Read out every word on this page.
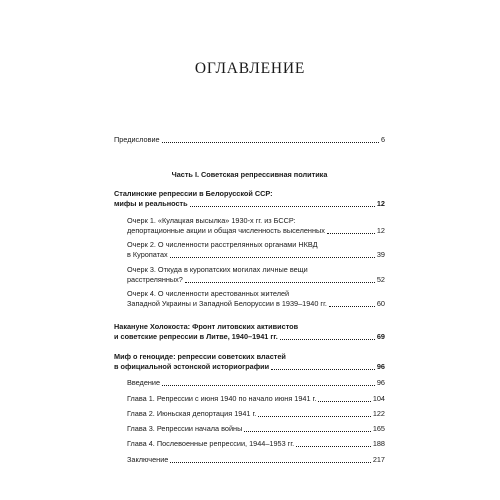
ОГЛАВЛЕНИЕ
Предисловие	6
Часть I. Советская репрессивная политика
Сталинские репрессии в Белорусской ССР:
мифы и реальность	12
Очерк 1. «Кулацкая высылка» 1930-х гг. из БССР:
депортационные акции и общая численность выселенных	12
Очерк 2. О численности расстрелянных органами НКВД
в Куропатах	39
Очерк 3. Откуда в куропатских могилах личные вещи
расстрелянных?	52
Очерк 4. О численности арестованных жителей
Западной Украины и Западной Белоруссии в 1939–1940 гг.	60
Накануне Холокоста: Фронт литовских активистов
и советские репрессии в Литве, 1940–1941 гг.	69
Миф о геноциде: репрессии советских властей
в официальной эстонской историографии	96
Введение	96
Глава 1. Репрессии с июня 1940 по начало июня 1941 г.	104
Глава 2. Июньская депортация 1941 г.	122
Глава 3. Репрессии начала войны	165
Глава 4. Послевоенные репрессии, 1944–1953 гг.	188
Заключение	217
